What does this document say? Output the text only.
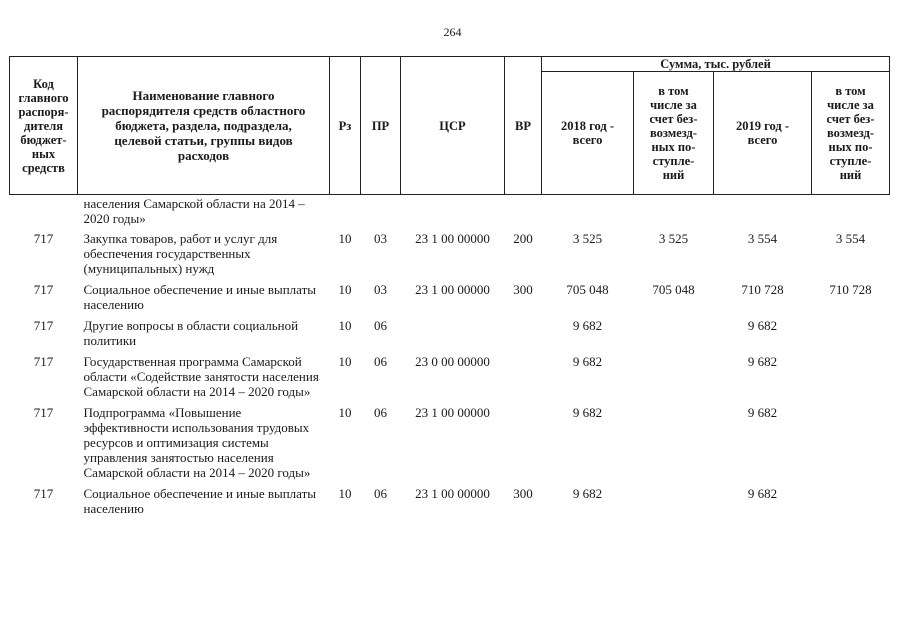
264
Код главного распоря-дителя бюджет-ных средств	Наименование главного распорядителя средств областного бюджета, раздела, подраздела, целевой статьи, группы видов расходов	Рз	ПР	ЦСР	ВР	Сумма, тыс. рублей			

						2018 год - всего	в том числе за счет без-возмезд-ных по-ступле-ний	2019 год - всего	в том числе за счет без-возмезд-ных по-ступле-ний

	населения Самарской области на 2014 – 2020 годы»								
717	Закупка товаров, работ и услуг для обеспечения государственных (муниципальных) нужд	10	03	23 1 00 00000	200	3 525	3 525	3 554	3 554
717	Социальное обеспечение и иные выплаты населению	10	03	23 1 00 00000	300	705 048	705 048	710 728	710 728
717	Другие вопросы в области социальной политики	10	06			9 682		9 682	
717	Государственная программа Самарской области «Содействие занятости населения Самарской области на 2014 – 2020 годы»	10	06	23 0 00 00000		9 682		9 682	
717	Подпрограмма «Повышение эффективности использования трудовых ресурсов и оптимизация системы управления занятостью населения Самарской области на 2014 – 2020 годы»	10	06	23 1 00 00000		9 682		9 682	
717	Социальное обеспечение и иные выплаты населению	10	06	23 1 00 00000	300	9 682		9 682	
